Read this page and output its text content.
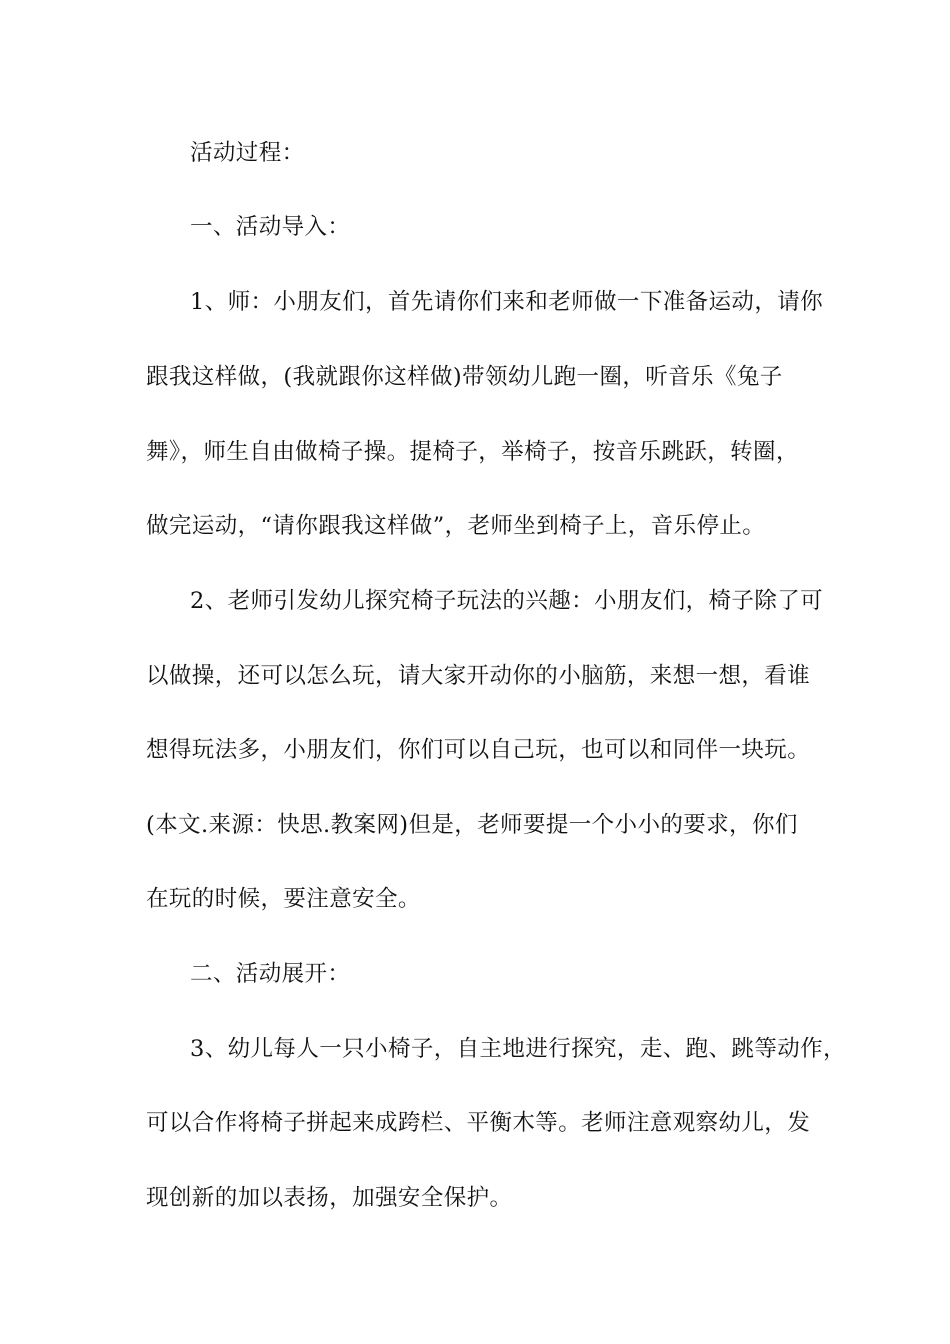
活动过程：
一、活动导入：
1、师：小朋友们，首先请你们来和老师做一下准备运动，请你
跟我这样做，(我就跟你这样做)带领幼儿跑一圈，听音乐《兔子
舞》，师生自由做椅子操。提椅子，举椅子，按音乐跳跃，转圈，
做完运动，“请你跟我这样做”，老师坐到椅子上，音乐停止。
2、老师引发幼儿探究椅子玩法的兴趣：小朋友们，椅子除了可
以做操，还可以怎么玩，请大家开动你的小脑筋，来想一想，看谁
想得玩法多，小朋友们，你们可以自己玩，也可以和同伴一块玩。
(本文.来源：快思.教案网)但是，老师要提一个小小的要求，你们
在玩的时候，要注意安全。
二、活动展开：
3、幼儿每人一只小椅子，自主地进行探究，走、跑、跳等动作，
可以合作将椅子拼起来成跨栏、平衡木等。老师注意观察幼儿，发
现创新的加以表扬，加强安全保护。
